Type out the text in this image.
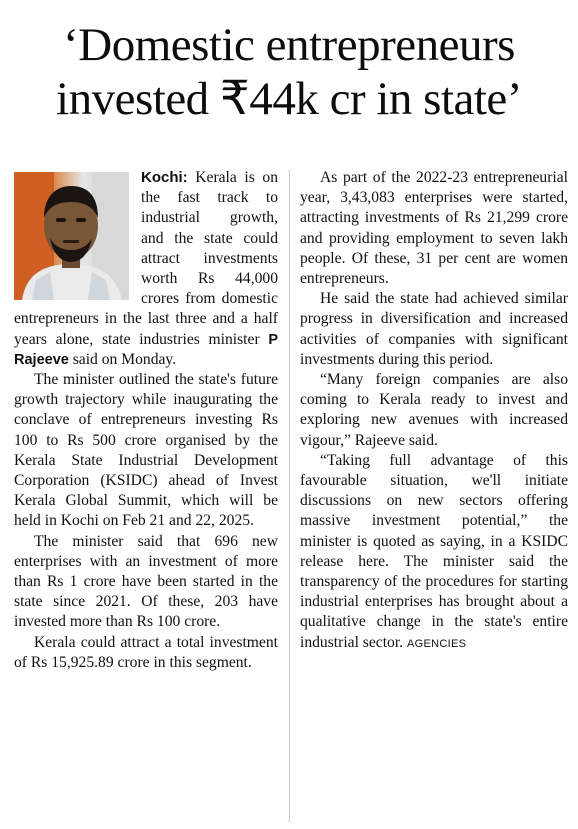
‘Domestic entrepreneurs
invested ₹44k cr in state’

Kochi: Kerala is on the fast track to industrial growth, and the state could attract investments worth Rs 44,000 crores from domestic entrepreneurs in the last three and a half years alone, state industries minister P Rajeeve said on Monday.

The minister outlined the state's future growth trajectory while inaugurating the conclave of entrepreneurs investing Rs 100 to Rs 500 crore organised by the Kerala State Industrial Development Corporation (KSIDC) ahead of Invest Kerala Global Summit, which will be held in Kochi on Feb 21 and 22, 2025.

The minister said that 696 new enterprises with an investment of more than Rs 1 crore have been started in the state since 2021. Of these, 203 have invested more than Rs 100 crore.

Kerala could attract a total investment of Rs 15,925.89 crore in this segment.

As part of the 2022-23 entrepreneurial year, 3,43,083 enterprises were started, attracting investments of Rs 21,299 crore and providing employment to seven lakh people. Of these, 31 per cent are women entrepreneurs.

He said the state had achieved similar progress in diversification and increased activities of companies with significant investments during this period.

“Many foreign companies are also coming to Kerala ready to invest and exploring new avenues with increased vigour,” Rajeeve said.

“Taking full advantage of this favourable situation, we'll initiate discussions on new sectors offering massive investment potential,” the minister is quoted as saying, in a KSIDC release here. The minister said the transparency of the procedures for starting industrial enterprises has brought about a qualitative change in the state's entire industrial sector. AGENCIES
